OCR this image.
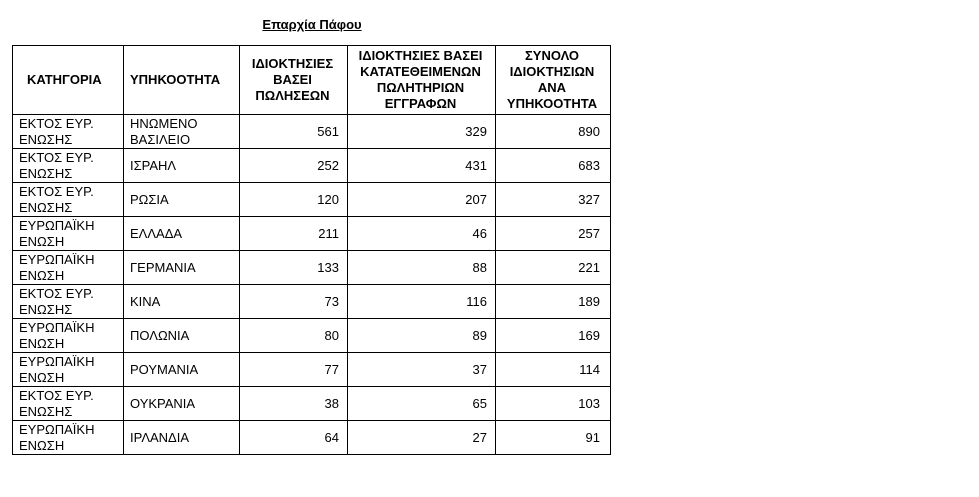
Επαρχία Πάφου
ΚΑΤΗΓΟΡΙΑ	ΥΠΗΚΟΟΤΗΤΑ	ΙΔΙΟΚΤΗΣΙΕΣ ΒΑΣΕΙ ΠΩΛΗΣΕΩΝ	ΙΔΙΟΚΤΗΣΙΕΣ ΒΑΣΕΙ ΚΑΤΑΤΕΘΕΙΜΕΝΩΝ ΠΩΛΗΤΗΡΙΩΝ ΕΓΓΡΑΦΩΝ	ΣΥΝΟΛΟ ΙΔΙΟΚΤΗΣΙΩΝ ΑΝΑ ΥΠΗΚΟΟΤΗΤΑ
ΕΚΤΟΣ ΕΥΡ. ΕΝΩΣΗΣ	ΗΝΩΜΕΝΟ ΒΑΣΙΛΕΙΟ	561	329	890
ΕΚΤΟΣ ΕΥΡ. ΕΝΩΣΗΣ	ΙΣΡΑΗΛ	252	431	683
ΕΚΤΟΣ ΕΥΡ. ΕΝΩΣΗΣ	ΡΩΣΙΑ	120	207	327
ΕΥΡΩΠΑΪΚΗ ΕΝΩΣΗ	ΕΛΛΑΔΑ	211	46	257
ΕΥΡΩΠΑΪΚΗ ΕΝΩΣΗ	ΓΕΡΜΑΝΙΑ	133	88	221
ΕΚΤΟΣ ΕΥΡ. ΕΝΩΣΗΣ	ΚΙΝΑ	73	116	189
ΕΥΡΩΠΑΪΚΗ ΕΝΩΣΗ	ΠΟΛΩΝΙΑ	80	89	169
ΕΥΡΩΠΑΪΚΗ ΕΝΩΣΗ	ΡΟΥΜΑΝΙΑ	77	37	114
ΕΚΤΟΣ ΕΥΡ. ΕΝΩΣΗΣ	ΟΥΚΡΑΝΙΑ	38	65	103
ΕΥΡΩΠΑΪΚΗ ΕΝΩΣΗ	ΙΡΛΑΝΔΙΑ	64	27	91
